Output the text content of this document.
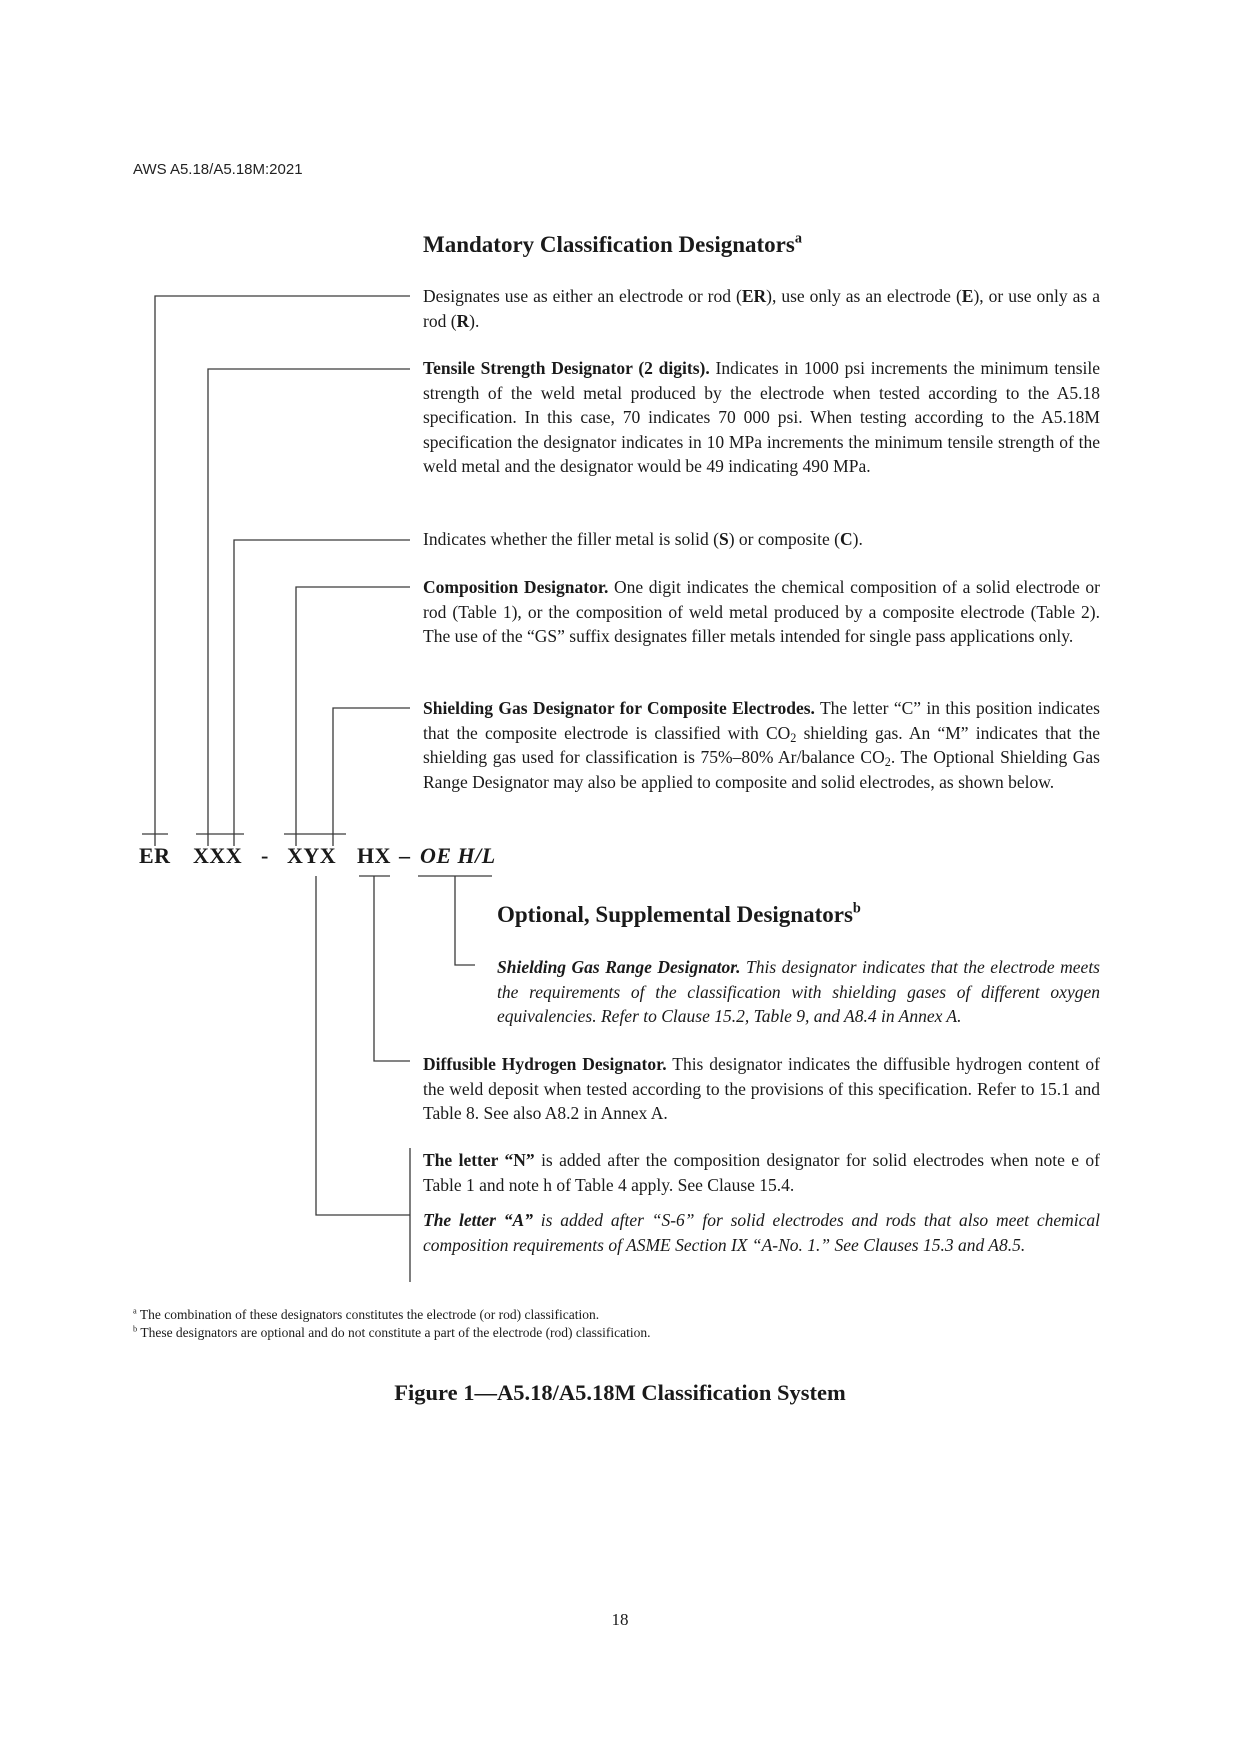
AWS A5.18/A5.18M:2021
Mandatory Classification Designators$^a$
Designates use as either an electrode or rod (ER), use only as an electrode (E), or use only as a rod (R).
Tensile Strength Designator (2 digits). Indicates in 1000 psi increments the minimum tensile strength of the weld metal produced by the electrode when tested according to the A5.18 specification. In this case, 70 indicates 70 000 psi. When testing according to the A5.18M specification the designator indicates in 10 MPa increments the minimum tensile strength of the weld metal and the designator would be 49 indicating 490 MPa.
Indicates whether the filler metal is solid (S) or composite (C).
Composition Designator. One digit indicates the chemical composition of a solid electrode or rod (Table 1), or the composition of weld metal produced by a composite electrode (Table 2). The use of the “GS” suffix designates filler metals intended for single pass applications only.
Shielding Gas Designator for Composite Electrodes. The letter “C” in this position indicates that the composite electrode is classified with $CO_2$ shielding gas. An “M” indicates that the shielding gas used for classification is 75%–80% Ar/balance $CO_2$. The Optional Shielding Gas Range Designator may also be applied to composite and solid electrodes, as shown below.
ER XXX - XYX HX – OE H/L
Optional, Supplemental Designators$^b$
Shielding Gas Range Designator. This designator indicates that the electrode meets the requirements of the classification with shielding gases of different oxygen equivalencies. Refer to Clause 15.2, Table 9, and A8.4 in Annex A.
Diffusible Hydrogen Designator. This designator indicates the diffusible hydrogen content of the weld deposit when tested according to the provisions of this specification. Refer to 15.1 and Table 8. See also A8.2 in Annex A.
The letter “N” is added after the composition designator for solid electrodes when note e of Table 1 and note h of Table 4 apply. See Clause 15.4.
The letter “A” is added after “S-6” for solid electrodes and rods that also meet chemical composition requirements of ASME Section IX “A-No. 1.” See Clauses 15.3 and A8.5.
$^a$ The combination of these designators constitutes the electrode (or rod) classification.
$^b$ These designators are optional and do not constitute a part of the electrode (rod) classification.
Figure 1—A5.18/A5.18M Classification System
18
